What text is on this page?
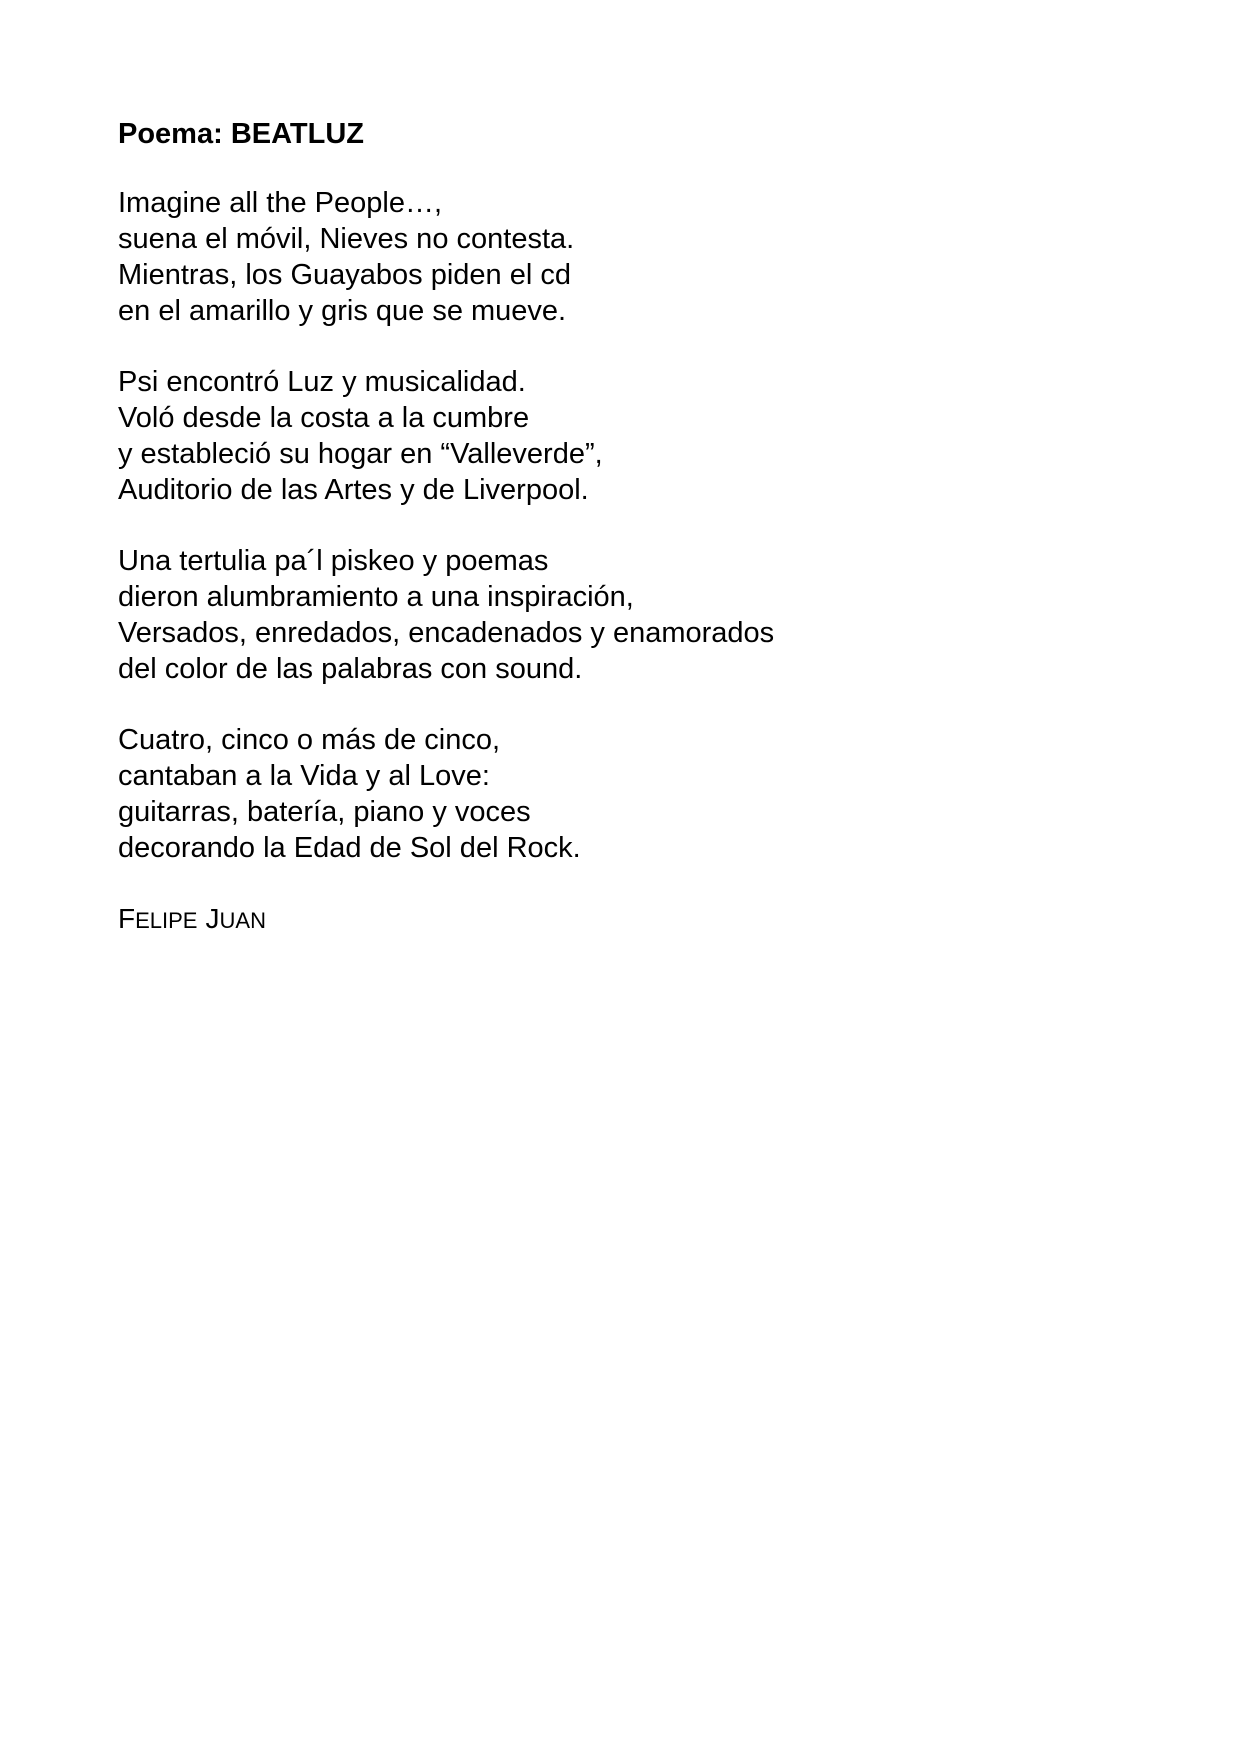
Poema: BEATLUZ
Imagine all the People…,
suena el móvil, Nieves no contesta.
Mientras, los Guayabos piden el cd
en el amarillo y gris que se mueve.
Psi encontró Luz y musicalidad.
Voló desde la costa a la cumbre
y estableció su hogar en “Valleverde”,
Auditorio de las Artes y de Liverpool.
Una tertulia pa´l piskeo y poemas
dieron alumbramiento a una inspiración,
Versados, enredados, encadenados y enamorados
del color de las palabras con sound.
Cuatro, cinco o más de cinco,
cantaban a la Vida y al Love:
guitarras, batería, piano y voces
decorando la Edad de Sol del Rock.
FELIPE JUAN
